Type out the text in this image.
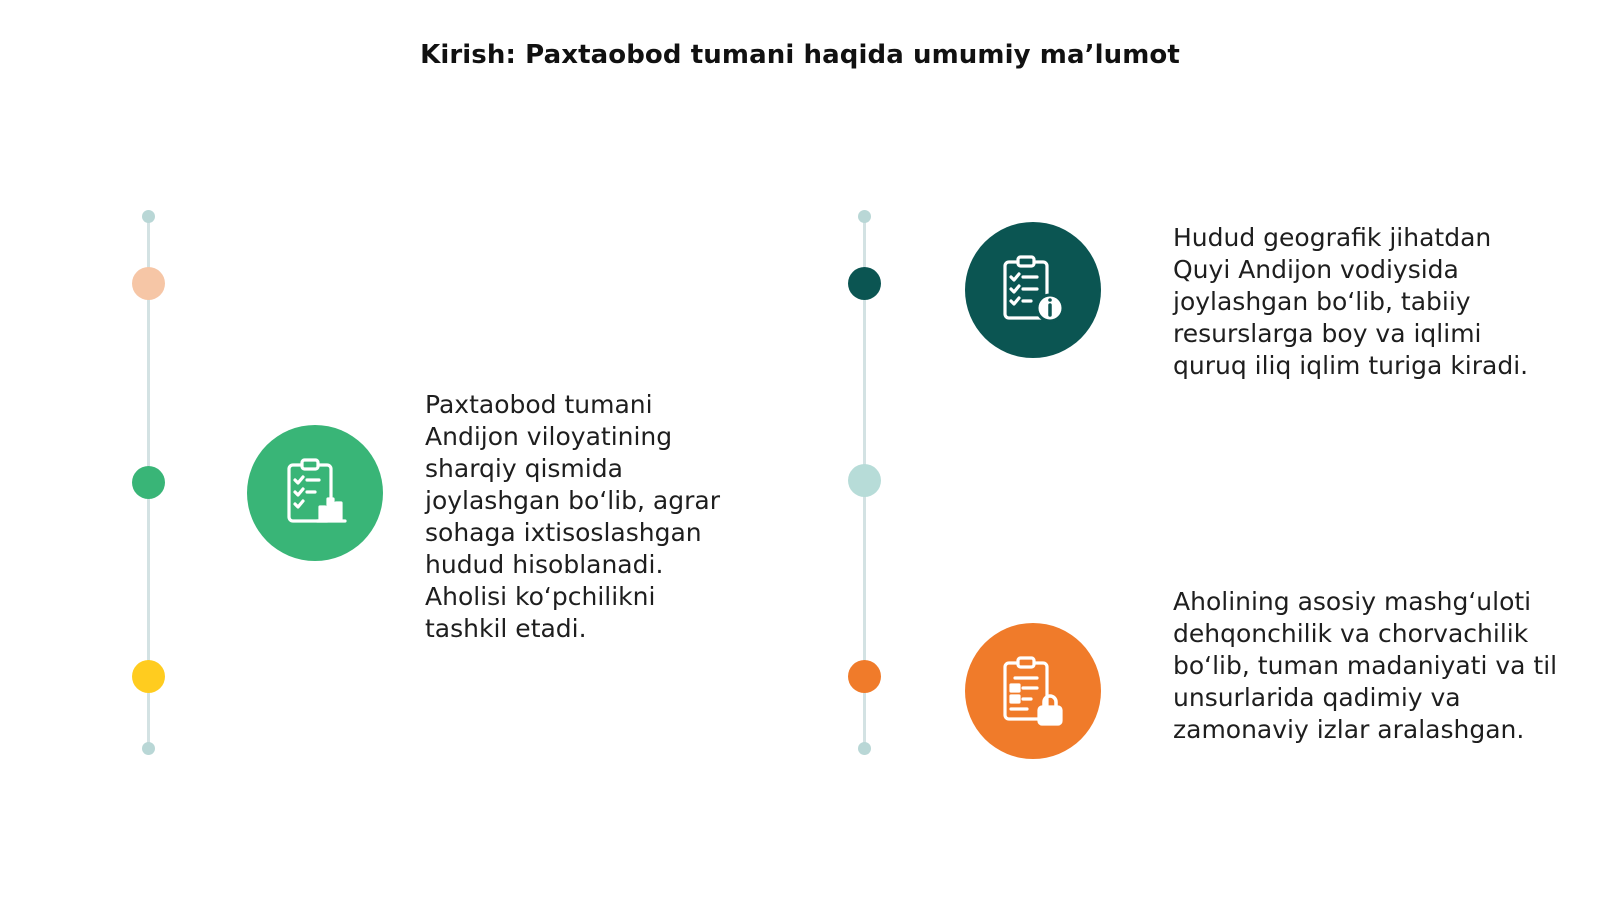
Kirish: Paxtaobod tumani haqida umumiy ma’lumot
Paxtaobod tumani Andijon viloyatining sharqiy qismida joylashgan bo‘lib, agrar sohaga ixtisoslashgan hudud hisoblanadi. Aholisi ko‘pchilikni tashkil etadi.
Hudud geografik jihatdan Quyi Andijon vodiysida joylashgan bo‘lib, tabiiy resurslarga boy va iqlimi quruq iliq iqlim turiga kiradi.
Aholining asosiy mashg‘uloti dehqonchilik va chorvachilik bo‘lib, tuman madaniyati va til unsurlarida qadimiy va zamonaviy izlar aralashgan.
